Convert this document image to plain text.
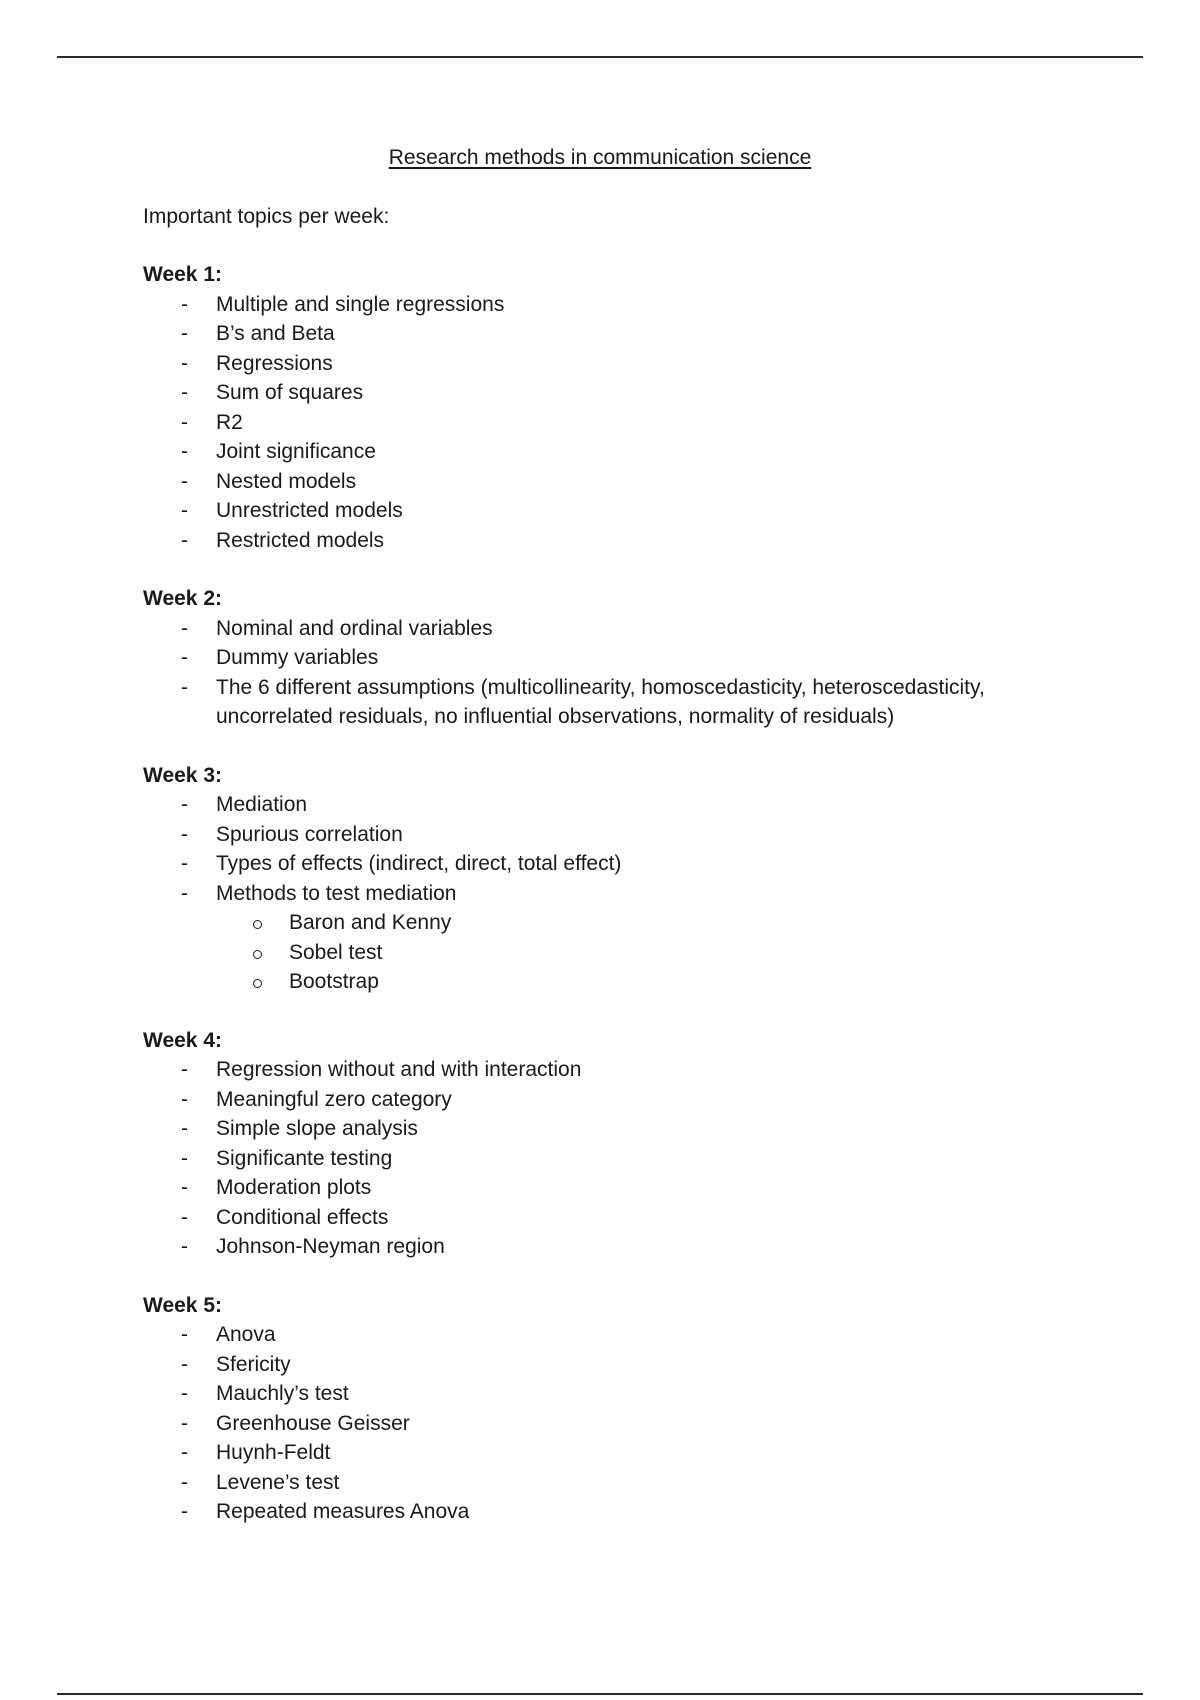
Research methods in communication science
Important topics per week:
Week 1:
- Multiple and single regressions
- B’s and Beta
- Regressions
- Sum of squares
- R2
- Joint significance
- Nested models
- Unrestricted models
- Restricted models
Week 2:
- Nominal and ordinal variables
- Dummy variables
- The 6 different assumptions (multicollinearity, homoscedasticity, heteroscedasticity, uncorrelated residuals, no influential observations, normality of residuals)
Week 3:
- Mediation
- Spurious correlation
- Types of effects (indirect, direct, total effect)
- Methods to test mediation
Baron and Kenny
Sobel test
Bootstrap
Week 4:
- Regression without and with interaction
- Meaningful zero category
- Simple slope analysis
- Significante testing
- Moderation plots
- Conditional effects
- Johnson-Neyman region
Week 5:
- Anova
- Sfericity
- Mauchly’s test
- Greenhouse Geisser
- Huynh-Feldt
- Levene’s test
- Repeated measures Anova
